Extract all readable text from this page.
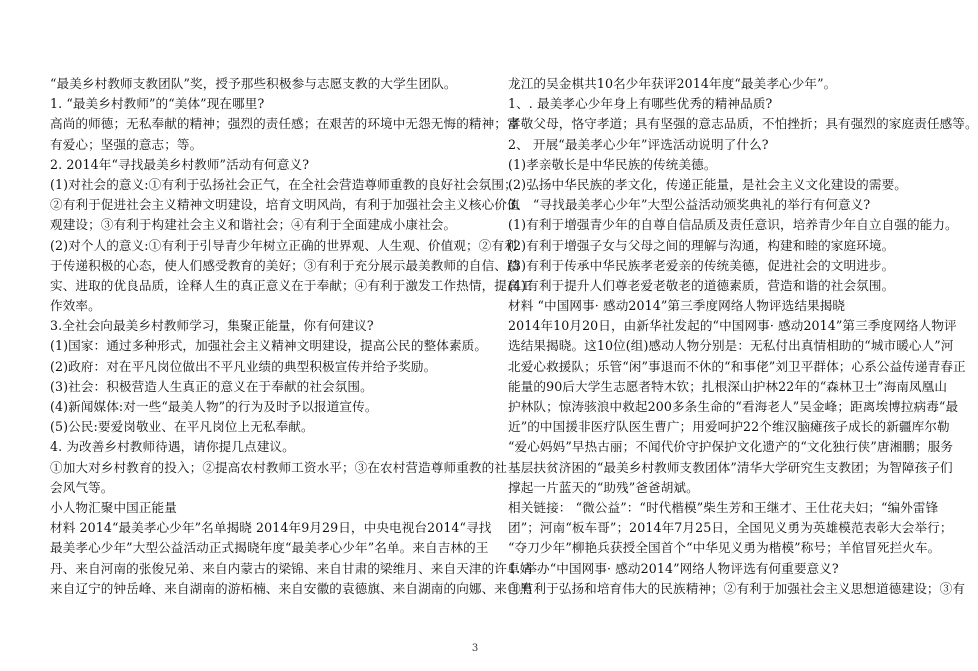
“最美乡村教师支教团队”奖，授予那些积极参与志愿支教的大学生团队。
1. “最美乡村教师”的“美体”现在哪里?
高尚的师德；无私奉献的精神；强烈的责任感；在艰苦的环境中无怨无悔的精神；富
有爱心；坚强的意志；等。
2. 2014年“寻找最美乡村教师”活动有何意义?
(1)对社会的意义:①有利于弘扬社会正气，在全社会营造尊师重教的良好社会氛围；
②有利于促进社会主义精神文明建设，培育文明风尚，有利于加强社会主义核心价值
观建设；③有利于构建社会主义和谐社会；④有利于全面建成小康社会。
(2)对个人的意义:①有利于引导青少年树立正确的世界观、人生观、价值观；②有利
于传递积极的心态，使人们感受教育的美好；③有利于充分展示最美教师的自信、踏
实、进取的优良品质，诠释人生的真正意义在于奉献；④有利于激发工作热情，提高工
作效率。
3.全社会向最美乡村教师学习，集聚正能量，你有何建议?
(1)国家：通过多种形式，加强社会主义精神文明建设，提高公民的整体素质。
(2)政府：对在平凡岗位做出不平凡业绩的典型积极宣传并给予奖励。
(3)社会：积极营造人生真正的意义在于奉献的社会氛围。
(4)新闻媒体:对一些“最美人物”的行为及时予以报道宣传。
(5)公民:要爱岗敬业、在平凡岗位上无私奉献。
4. 为改善乡村教师待遇，请你提几点建议。
①加大对乡村教育的投入；②提高农村教师工资水平；③在农村营造尊师重教的社
会风气等。
小人物汇聚中国正能量
材料 2014“最美孝心少年”名单揭晓 2014年9月29日，中央电视台2014“寻找
最美孝心少年”大型公益活动正式揭晓年度“最美孝心少年”名单。来自吉林的王
丹、来自河南的张俊兄弟、来自内蒙古的梁锦、来自甘肃的梁维月、来自天津的许卓婧
来自辽宁的钟岳峰、来自湖南的游柘楠、来自安徽的袁德旗、来自湖南的向娜、来自黑
龙江的吴金棋共10名少年获评2014年度“最美孝心少年”。
1、. 最美孝心少年身上有哪些优秀的精神品质?
孝敬父母，恪守孝道；具有坚强的意志品质，不怕挫折；具有强烈的家庭责任感等。
2、 开展“最美孝心少年”评选活动说明了什么?
(1)孝亲敬长是中华民族的传统美德。
(2)弘扬中华民族的孝文化，传递正能量，是社会主义文化建设的需要。
3、 “寻找最美孝心少年”大型公益活动颁奖典礼的举行有何意义?
(1)有利于增强青少年的自尊自信品质及责任意识，培养青少年自立自强的能力。
(2)有利于增强子女与父母之间的理解与沟通，构建和睦的家庭环境。
(3)有利于传承中华民族孝老爱亲的传统美德，促进社会的文明进步。
(4)有利于提升人们尊老爱老敬老的道德素质，营造和谐的社会氛围。
材料 “中国网事· 感动2014”第三季度网络人物评选结果揭晓
2014年10月20日，由新华社发起的“中国网事· 感动2014”第三季度网络人物评
选结果揭晓。这10位(组)感动人物分别是：无私付出真情相助的“城市暖心人”河
北爱心救援队；乐管“闲”事退而不休的“和事佬”刘卫平群体；心系公益传递青春正
能量的90后大学生志愿者特木钦；扎根深山护林22年的“森林卫士”海南凤凰山
护林队；惊涛骇浪中救起200多条生命的“看海老人”吴金峰；距离埃博拉病毒“最
近”的中国援非医疗队医生曹广；用爱呵护22个维汉脑瘫孩子成长的新疆库尔勒
“爱心妈妈”早热古丽；不闻代价守护保护文化遗产的“文化独行侠”唐湘鹏；服务
基层扶贫济困的“最美乡村教师支教团体”清华大学研究生支教团；为智障孩子们
撑起一片蓝天的“助残”爸爸胡斌。
相关链接： “微公益”：“时代楷模”柴生芳和王继才、王仕花夫妇；“编外雷锋
团”；河南“板车哥”；2014年7月25日，全国见义勇为英雄模范表彰大会举行；
“夺刀少年”柳艳兵获授全国首个“中华见义勇为楷模”称号；羊倌冒死拦火车。
1. 举办“中国网事· 感动2014”网络人物评选有何重要意义?
①有利于弘扬和培育伟大的民族精神；②有利于加强社会主义思想道德建设；③有
3
